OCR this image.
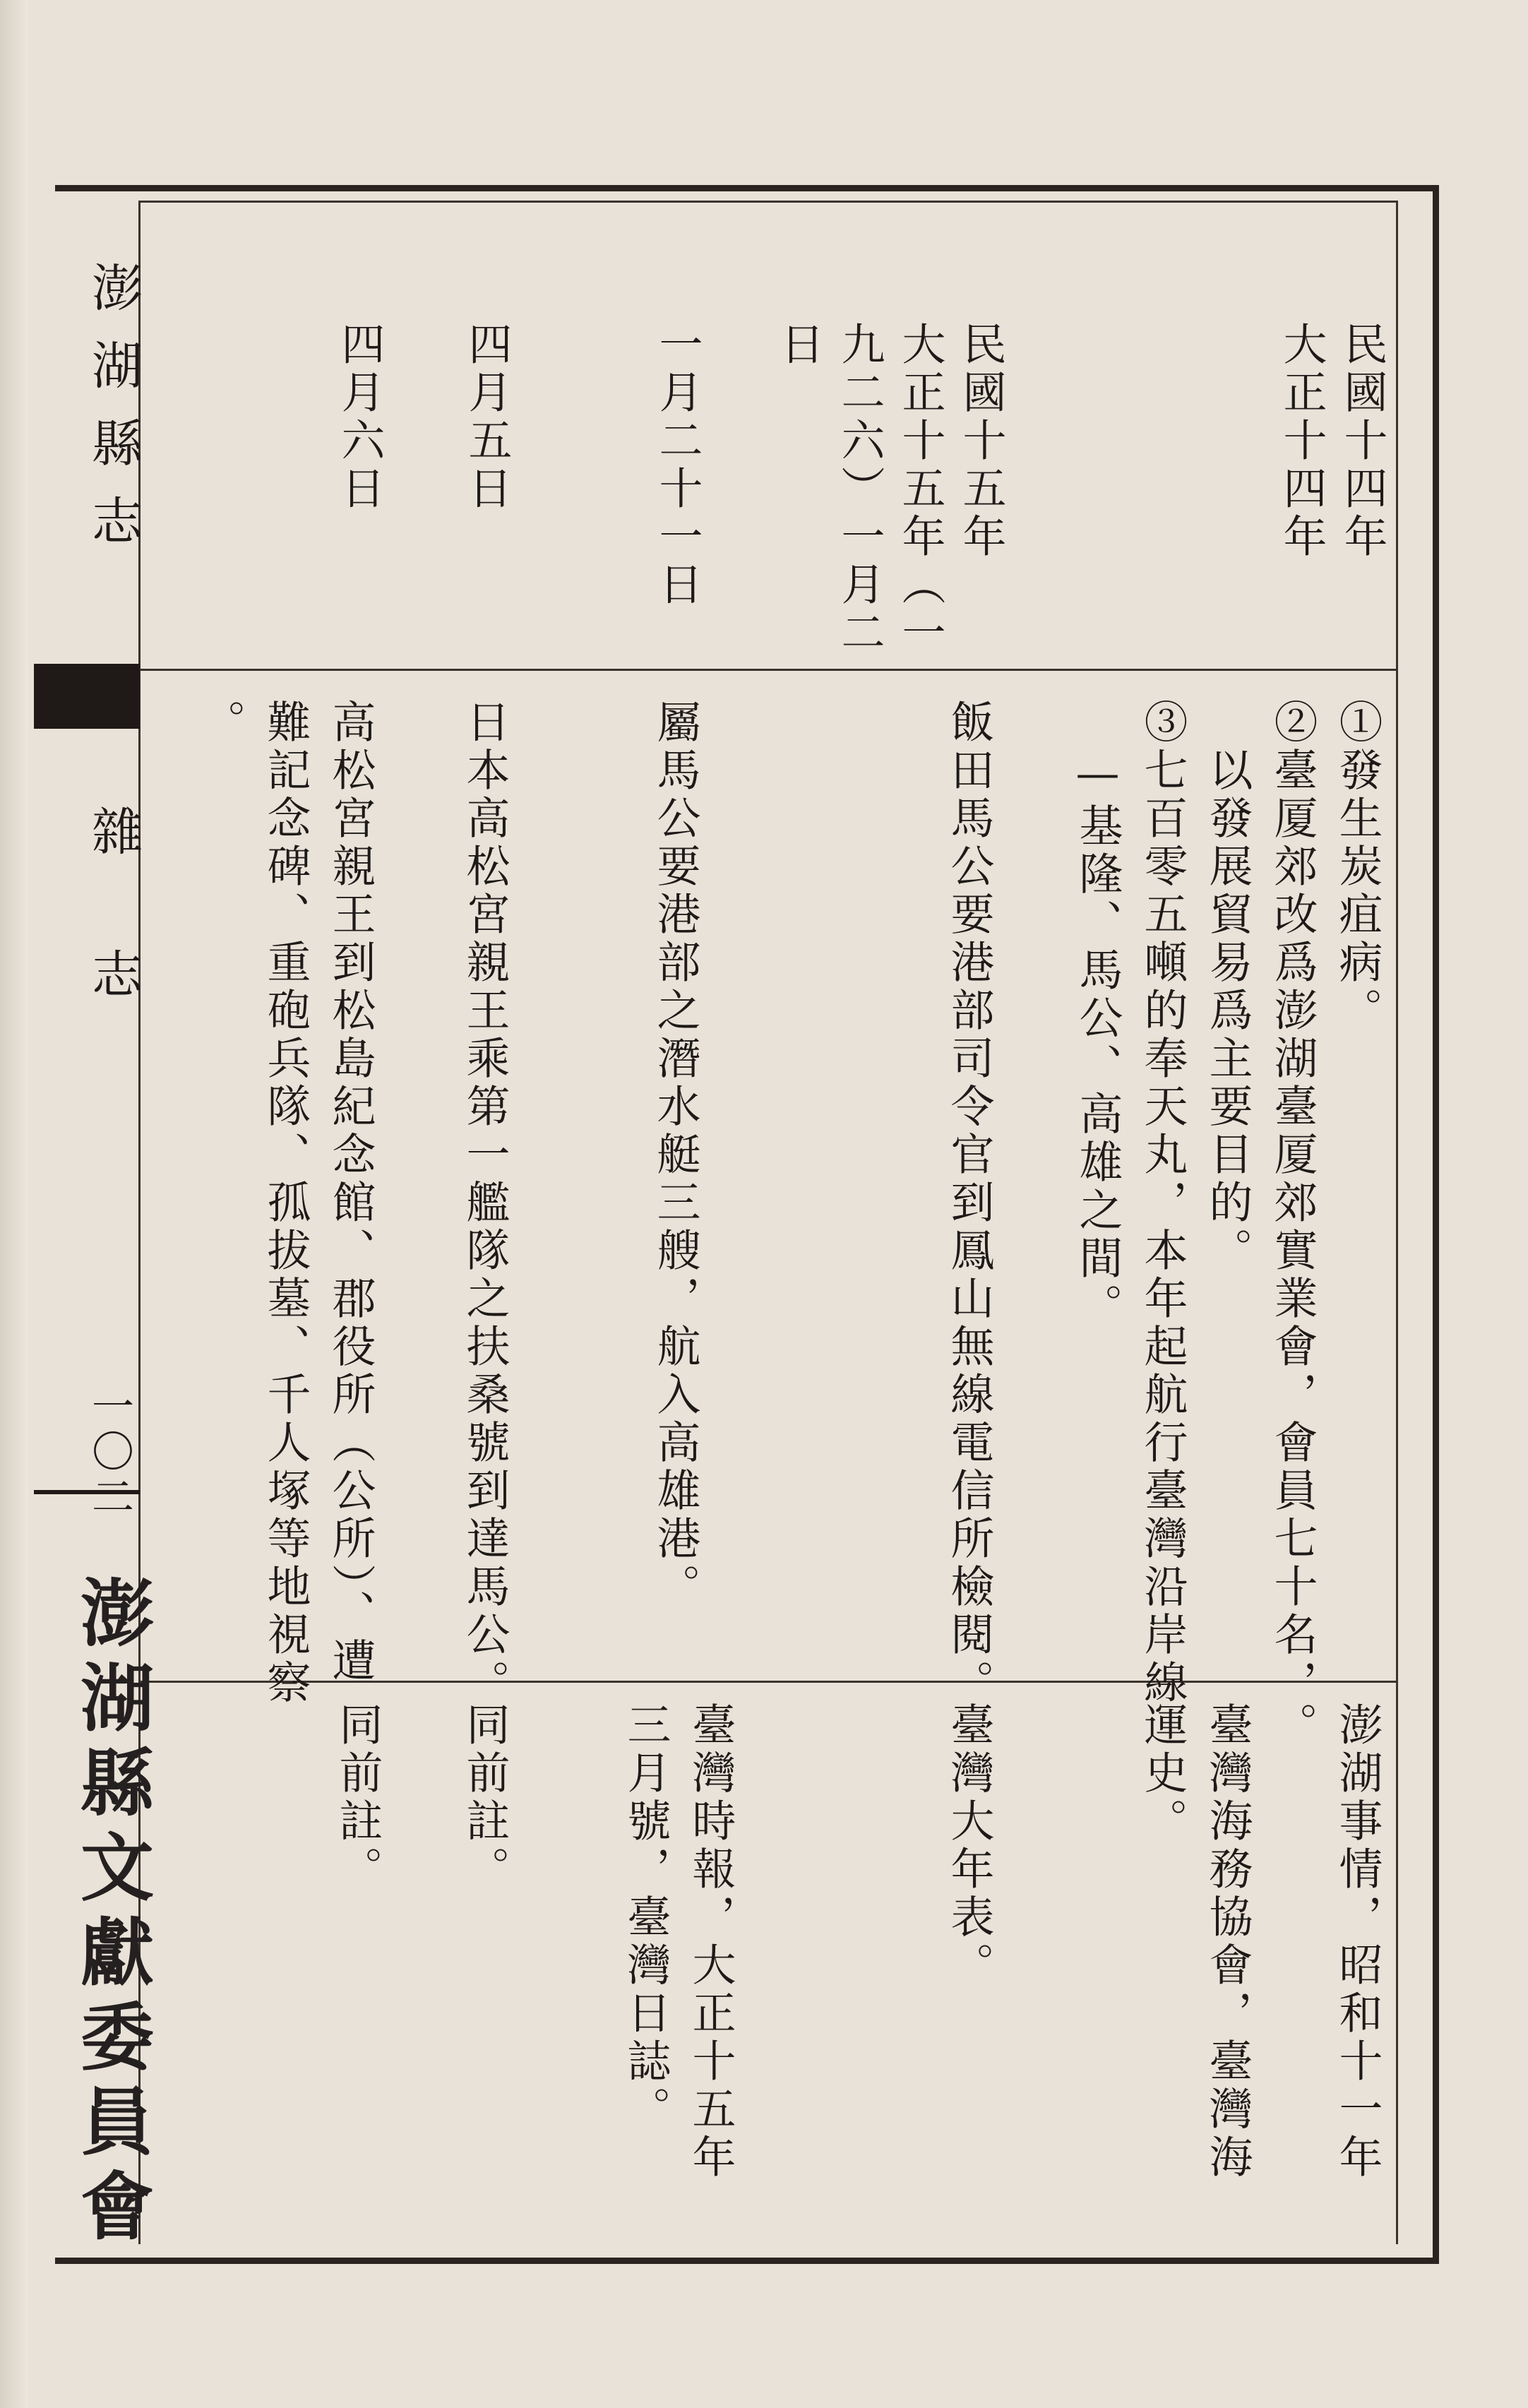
澎湖縣志
雜志
一〇二
澎湖縣文獻委員會
民國十四年
大正十四年
①發生炭疽病。
②臺厦郊改爲澎湖臺厦郊實業會，會員七十名，
　以發展貿易爲主要目的。
③七百零五噸的奉天丸，本年起航行臺灣沿岸線
　—基隆、馬公、高雄之間。
澎湖事情，昭和十一年
。
臺灣海務協會，臺灣海
運史。
民國十五年
大正十五年（一
九二六）一月二
日
飯田馬公要港部司令官到鳳山無線電信所檢閱。
臺灣大年表。
一月二十一日
屬馬公要港部之潛水艇三艘，航入高雄港。
臺灣時報，大正十五年
三月號，臺灣日誌。
四月五日
日本高松宮親王乘第一艦隊之扶桑號到達馬公。
同前註。
四月六日
高松宮親王到松島紀念館、郡役所（公所）、遭
難記念碑、重砲兵隊、孤拔墓、千人塚等地視察
。
同前註。
